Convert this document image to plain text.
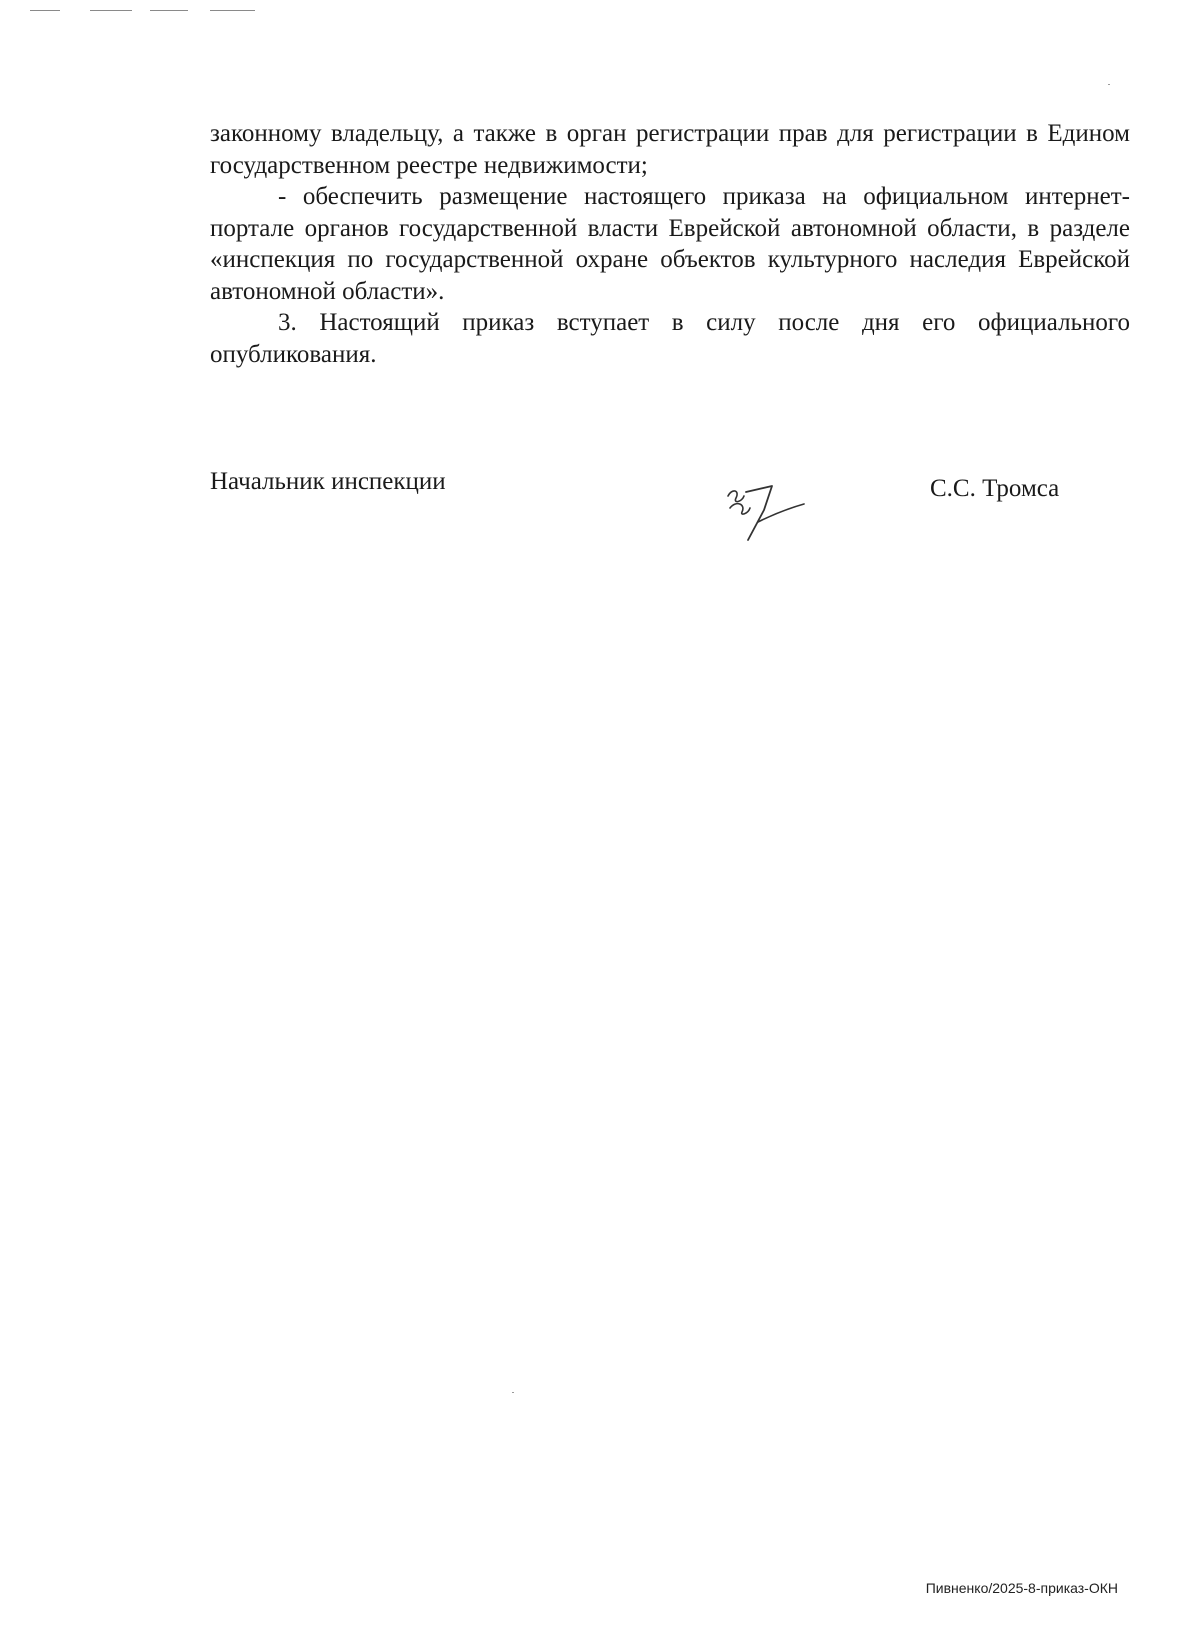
законному владельцу, а также в орган регистрации прав для регистрации в Едином государственном реестре недвижимости;

- обеспечить размещение настоящего приказа на официальном интернет-портале органов государственной власти Еврейской автономной области, в разделе «инспекция по государственной охране объектов культурного наследия Еврейской автономной области».

3. Настоящий приказ вступает в силу после дня его официального опубликования.

Начальник инспекции	С.С. Тромса
Пивненко/2025-8-приказ-ОКН
